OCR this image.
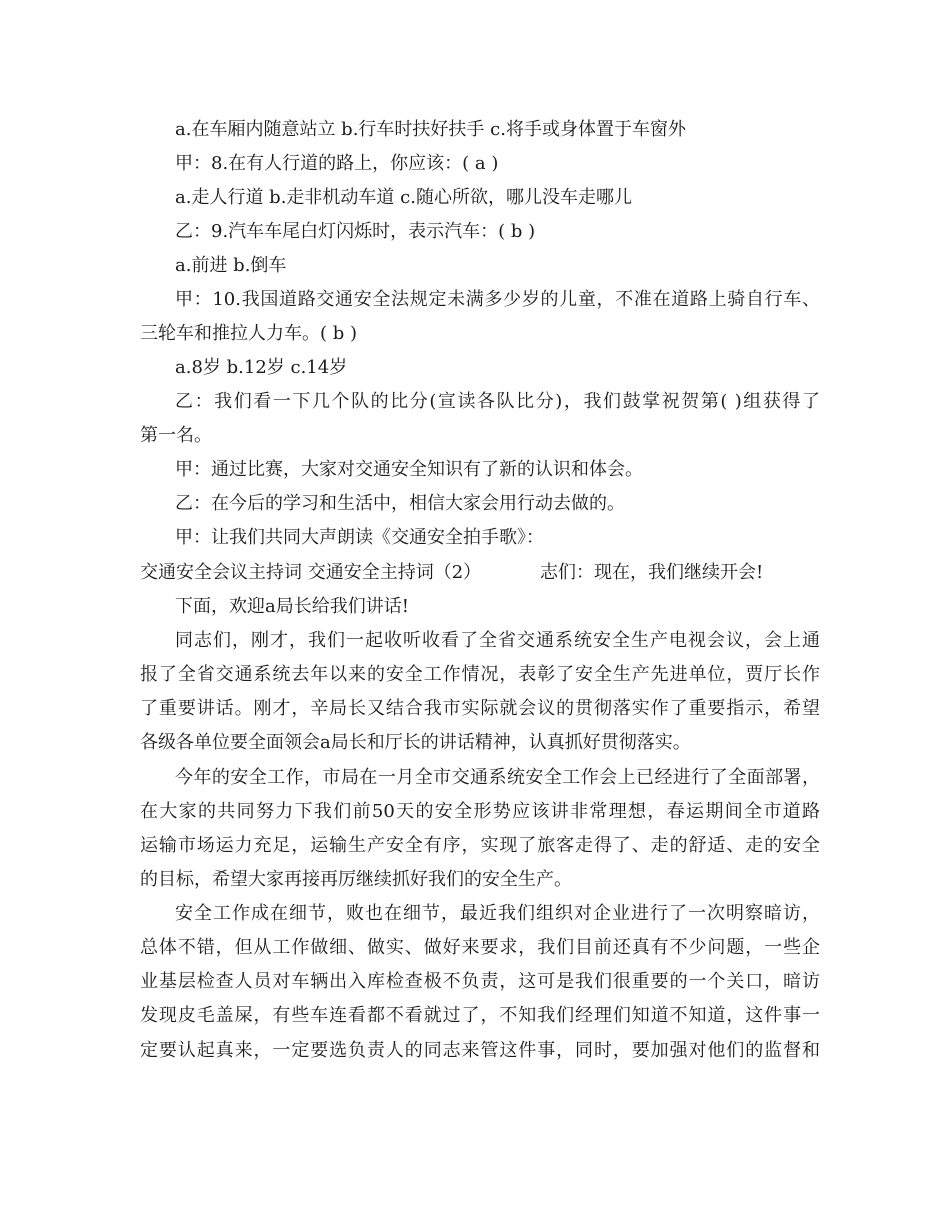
a.在车厢内随意站立 b.行车时扶好扶手 c.将手或身体置于车窗外
甲：8.在有人行道的路上，你应该：( a )
a.走人行道 b.走非机动车道 c.随心所欲，哪儿没车走哪儿
乙：9.汽车车尾白灯闪烁时，表示汽车：( b )
a.前进 b.倒车
甲：10.我国道路交通安全法规定未满多少岁的儿童，不准在道路上骑自行车、
三轮车和推拉人力车。( b )
a.8岁 b.12岁 c.14岁
乙：我们看一下几个队的比分(宣读各队比分)，我们鼓掌祝贺第( )组获得了
第一名。
甲：通过比赛，大家对交通安全知识有了新的认识和体会。
乙：在今后的学习和生活中，相信大家会用行动去做的。
甲：让我们共同大声朗读《交通安全拍手歌》：
交通安全会议主持词 交通安全主持词（2）	志们：现在，我们继续开会!
下面，欢迎a局长给我们讲话!
同志们，刚才，我们一起收听收看了全省交通系统安全生产电视会议，会上通
报了全省交通系统去年以来的安全工作情况，表彰了安全生产先进单位，贾厅长作
了重要讲话。刚才，辛局长又结合我市实际就会议的贯彻落实作了重要指示，希望
各级各单位要全面领会a局长和厅长的讲话精神，认真抓好贯彻落实。
今年的安全工作，市局在一月全市交通系统安全工作会上已经进行了全面部署，
在大家的共同努力下我们前50天的安全形势应该讲非常理想，春运期间全市道路
运输市场运力充足，运输生产安全有序，实现了旅客走得了、走的舒适、走的安全
的目标，希望大家再接再厉继续抓好我们的安全生产。
安全工作成在细节，败也在细节，最近我们组织对企业进行了一次明察暗访，
总体不错，但从工作做细、做实、做好来要求，我们目前还真有不少问题，一些企
业基层检查人员对车辆出入库检查极不负责，这可是我们很重要的一个关口，暗访
发现皮毛盖屎，有些车连看都不看就过了，不知我们经理们知道不知道，这件事一
定要认起真来，一定要选负责人的同志来管这件事，同时，要加强对他们的监督和
